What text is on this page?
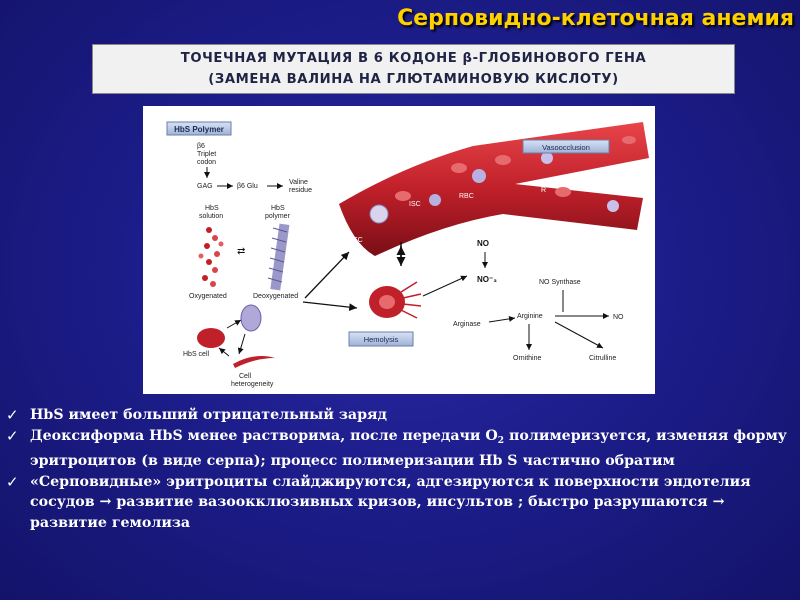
Серповидно-клеточная анемия
ТОЧЕЧНАЯ МУТАЦИЯ В 6 КОДОНЕ β-ГЛОБИНОВОГО ГЕНА
(ЗАМЕНА ВАЛИНА НА ГЛЮТАМИНОВУЮ КИСЛОТУ)
HbS Polymer
β6
Triplet
codon
GAG	β6 Glu
Valine
residue
HbS
solution
HbS
polymer
⇄
Oxygenated	Deoxygenated
HbS cell
Cell
heterogeneity
ISC
RBC
R
EC
Vasoocclusion
Hemolysis
NO
NO⁻₃	NO Synthase
Arginase
Arginine	NO
Ornithine	Citrulline
✓ HbS имеет больший отрицательный заряд

✓ Деоксиформа HbS менее растворима, после передачи $О_2$ полимеризуется, изменяя форму эритроцитов (в виде серпа); процесс полимеризации Hb S частично обратим

✓ «Серповидные» эритроциты слайджируются, адгезируются к поверхности эндотелия сосудов → развитие вазоокклюзивных кризов, инсультов ; быстро разрушаются → развитие гемолиза
